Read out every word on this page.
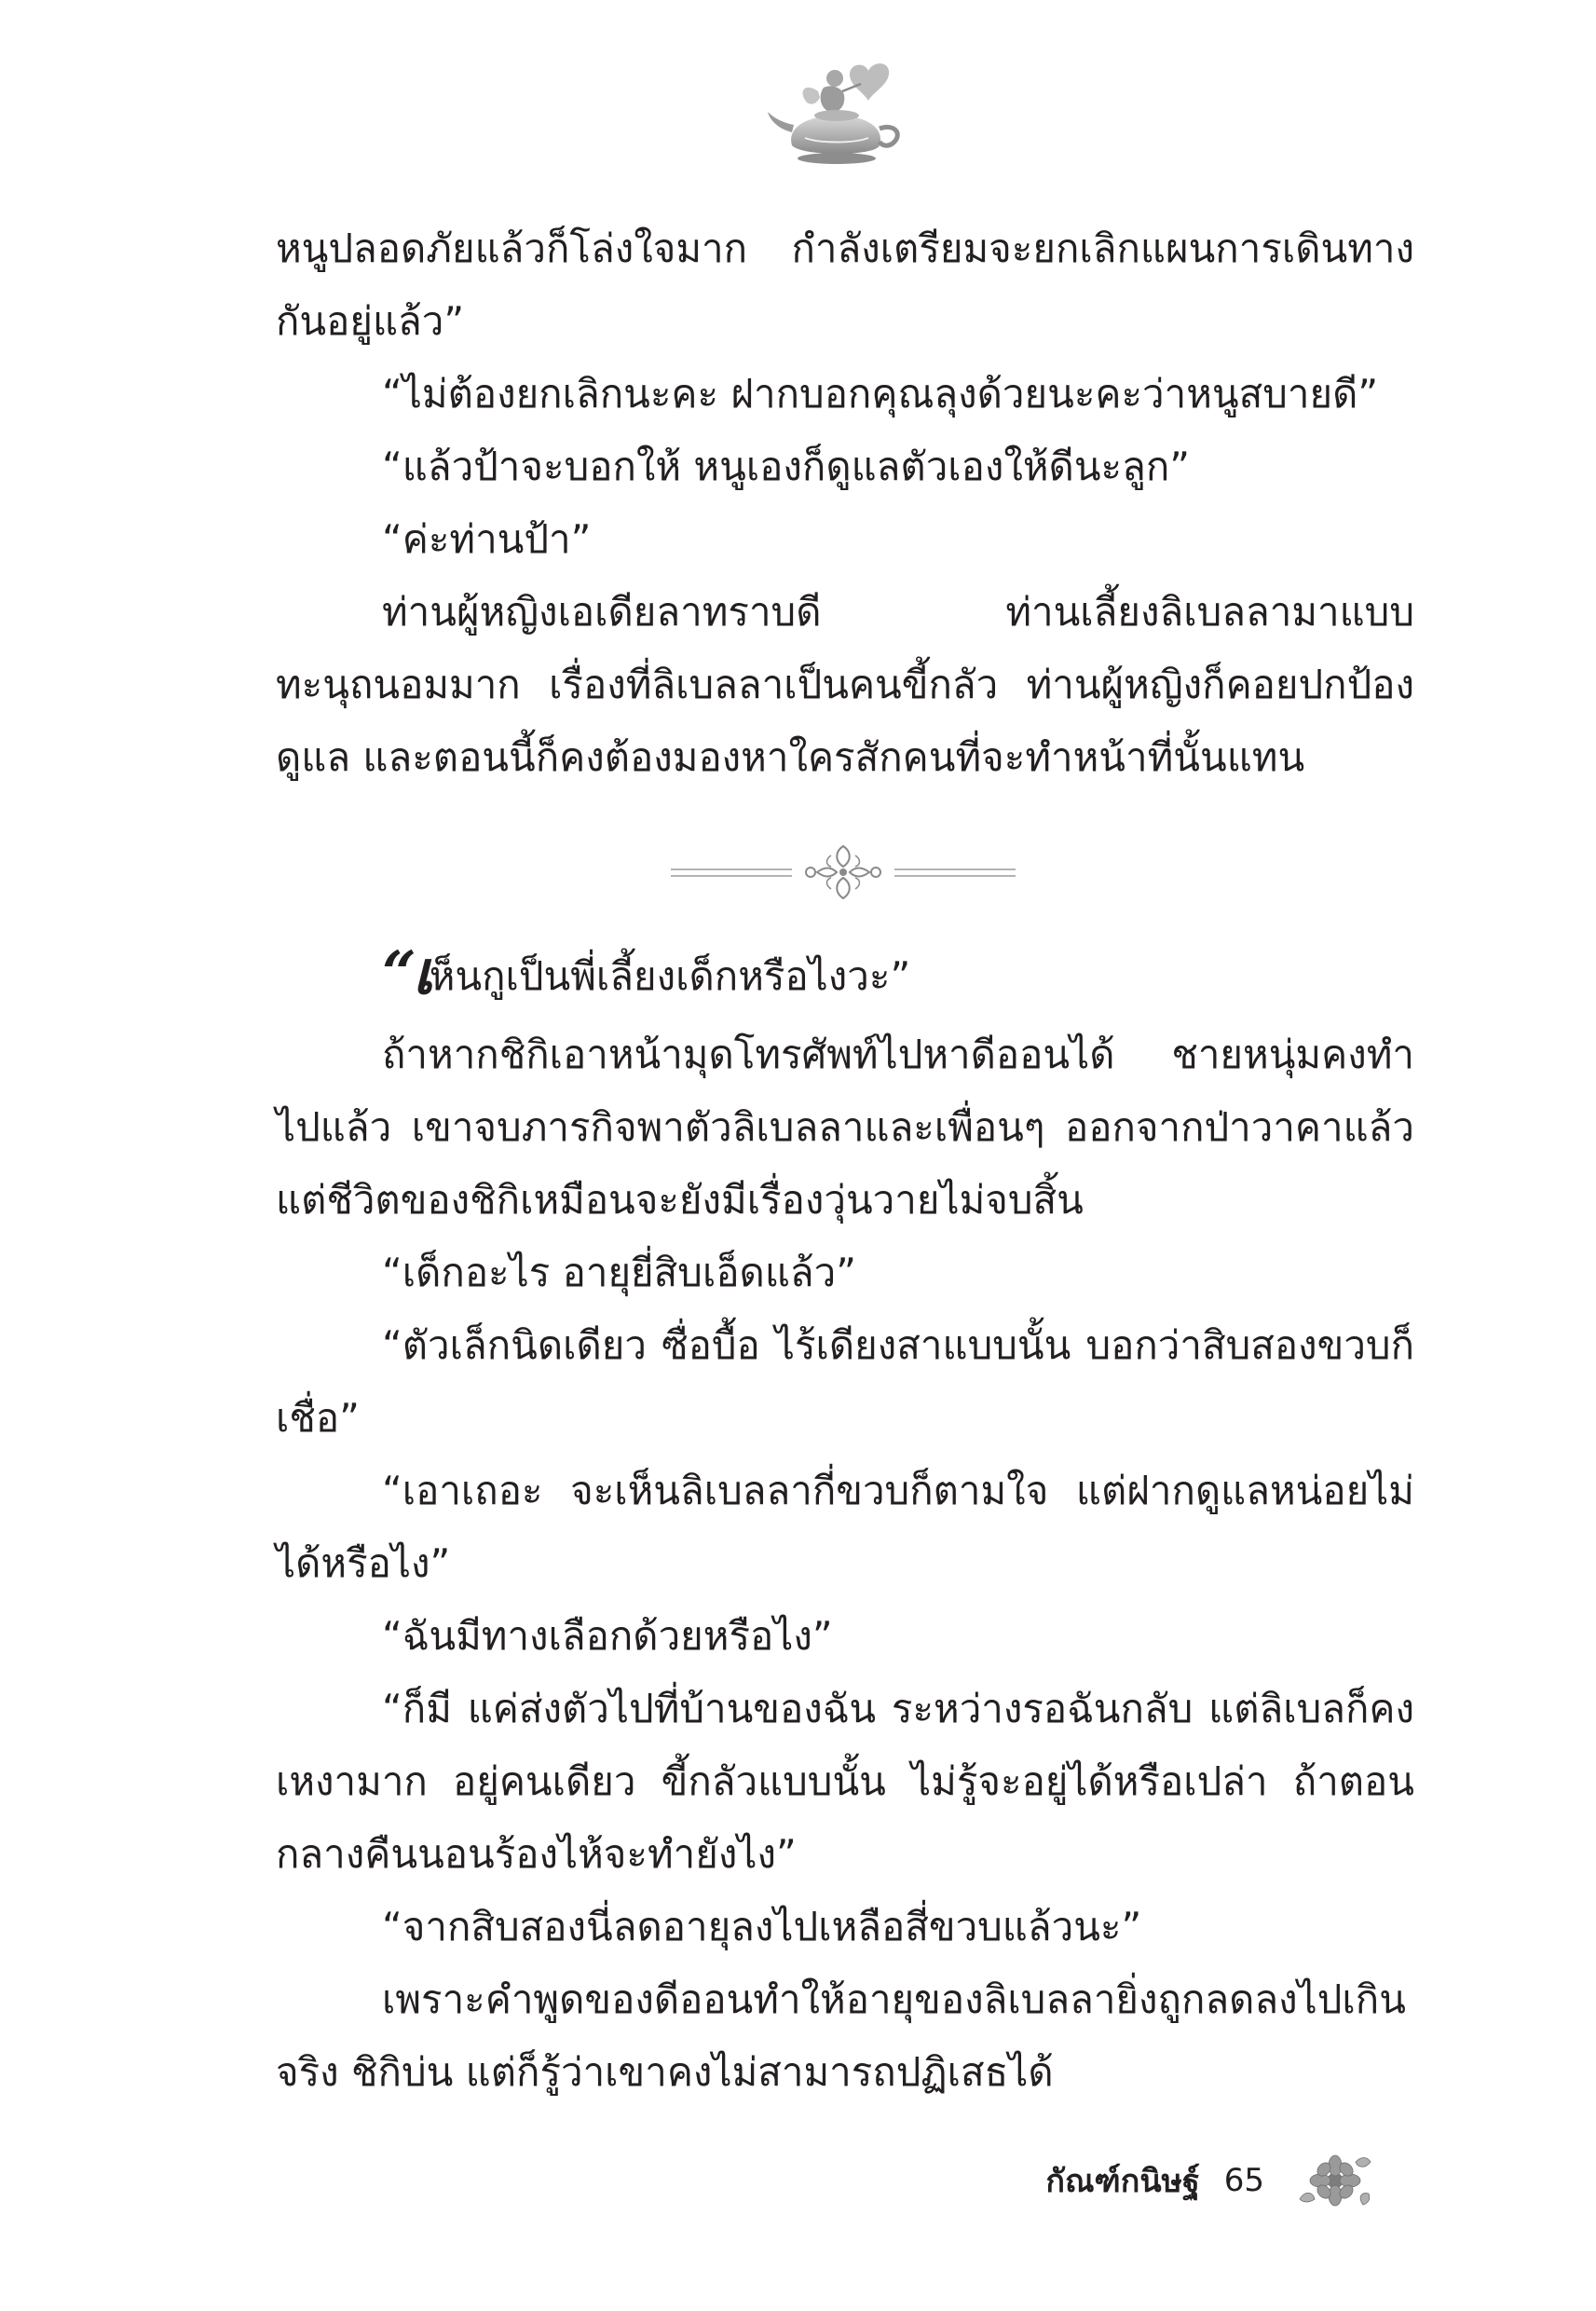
หนูปลอดภัยแล้วก็โล่งใจมาก กำลังเตรียมจะยกเลิกแผนการเดินทางกันอยู่แล้ว”

“ไม่ต้องยกเลิกนะคะ ฝากบอกคุณลุงด้วยนะคะว่าหนูสบายดี”

“แล้วป้าจะบอกให้ หนูเองก็ดูแลตัวเองให้ดีนะลูก”

“ค่ะท่านป้า”

ท่านผู้หญิงเอเดียลาทราบดี ท่านเลี้ยงลิเบลลามาแบบทะนุถนอมมาก เรื่องที่ลิเบลลาเป็นคนขี้กลัว ท่านผู้หญิงก็คอยปกป้องดูแล และตอนนี้ก็คงต้องมองหาใครสักคนที่จะทำหน้าที่นั้นแทน

“เห็นกูเป็นพี่เลี้ยงเด็กหรือไงวะ”

ถ้าหากชิกิเอาหน้ามุดโทรศัพท์ไปหาดีออนได้ ชายหนุ่มคงทำไปแล้ว เขาจบภารกิจพาตัวลิเบลลาและเพื่อนๆ ออกจากป่าวาคาแล้ว แต่ชีวิตของชิกิเหมือนจะยังมีเรื่องวุ่นวายไม่จบสิ้น

“เด็กอะไร อายุยี่สิบเอ็ดแล้ว”

“ตัวเล็กนิดเดียว ซื่อบื้อ ไร้เดียงสาแบบนั้น บอกว่าสิบสองขวบก็เชื่อ”

“เอาเถอะ จะเห็นลิเบลลากี่ขวบก็ตามใจ แต่ฝากดูแลหน่อยไม่ได้หรือไง”

“ฉันมีทางเลือกด้วยหรือไง”

“ก็มี แค่ส่งตัวไปที่บ้านของฉัน ระหว่างรอฉันกลับ แต่ลิเบลก็คงเหงามาก อยู่คนเดียว ขี้กลัวแบบนั้น ไม่รู้จะอยู่ได้หรือเปล่า ถ้าตอนกลางคืนนอนร้องไห้จะทำยังไง”

“จากสิบสองนี่ลดอายุลงไปเหลือสี่ขวบแล้วนะ”

เพราะคำพูดของดีออนทำให้อายุของลิเบลลายิ่งถูกลดลงไปเกินจริง ชิกิบ่น แต่ก็รู้ว่าเขาคงไม่สามารถปฏิเสธได้

กัณฑ์กนิษฐ์ 65
